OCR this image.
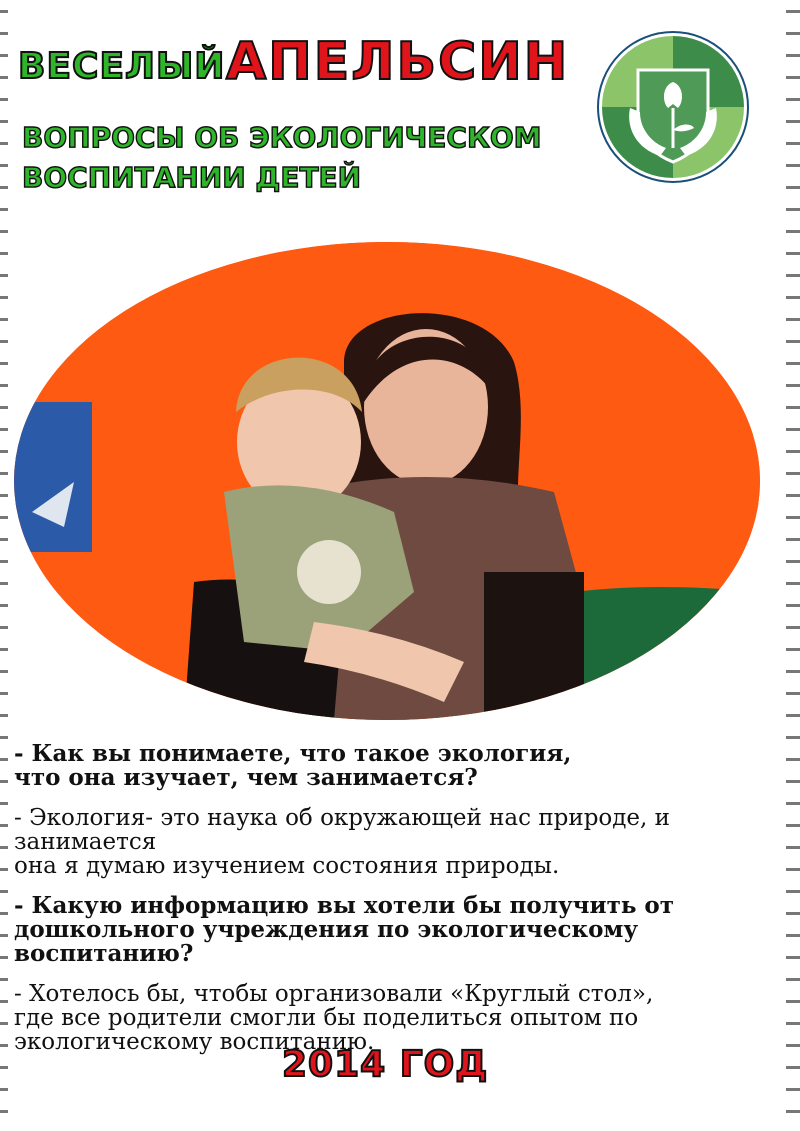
ВЕСЕЛЫЙ АПЕЛЬСИН
ВОПРОСЫ ОБ ЭКОЛОГИЧЕСКОМ
ВОСПИТАНИИ ДЕТЕЙ

- Как вы понимаете, что такое экология,

что она изучает, чем занимается?

- Экология- это наука об окружающей нас природе, и занимается

она я думаю изучением состояния природы.

- Какую информацию вы хотели бы получить от

дошкольного учреждения по экологическому воспитанию?

- Хотелось бы, чтобы организовали «Круглый стол»,

где все родители смогли бы поделиться опытом по

экологическому воспитанию.

2014 ГОД
